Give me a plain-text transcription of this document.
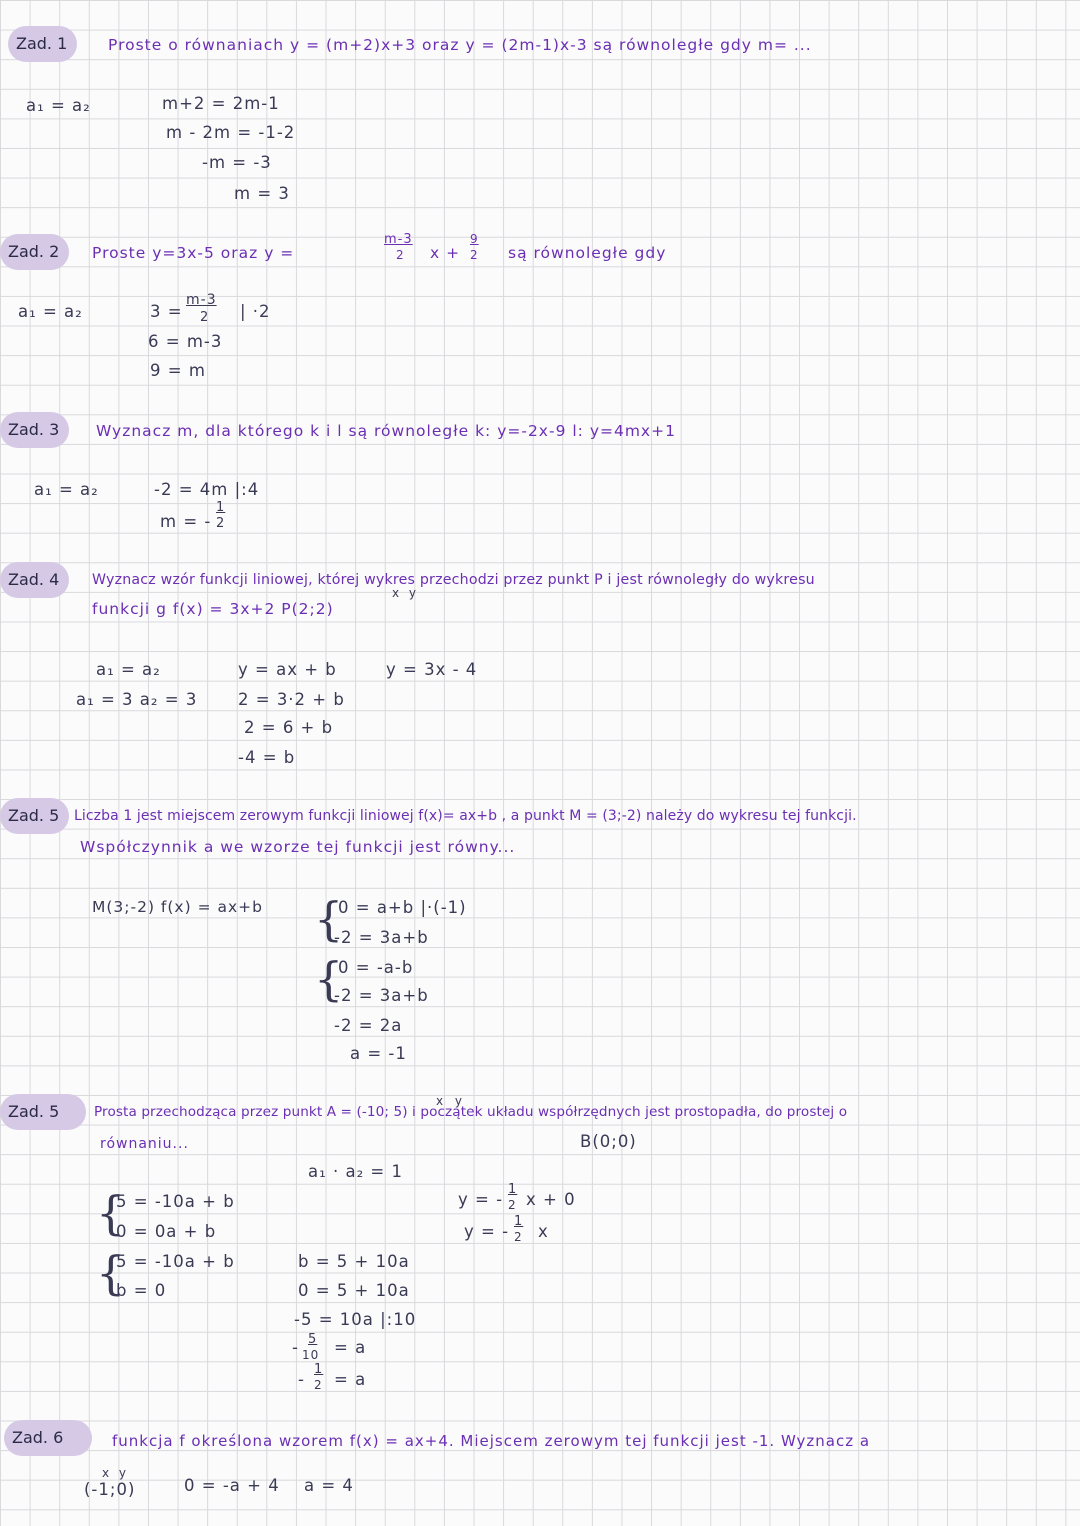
Zad. 1	Proste o równaniach y = (m+2)x+3 oraz y = (2m-1)x-3 są równoległe gdy m= ...
a₁ = a₂	m+2 = 2m-1
m - 2m = -1-2
-m = -3
m = 3
Zad. 2	Proste y=3x-5 oraz y =
m-3
2 x +
9
2 są równoległe gdy
a₁ = a₂	3 =
m-3
2 | ·2
6 = m-3
9 = m
Zad. 3	Wyznacz m, dla którego k i l są równoległe k: y=-2x-9 l: y=4mx+1
a₁ = a₂	-2 = 4m |:4
m = -
1
2
Zad. 4	Wyznacz wzór funkcji liniowej, której wykres przechodzi przez punkt P i jest równoległy do wykresu
funkcji g f(x) = 3x+2 P(2;2)
x y
a₁ = a₂
a₁ = 3 a₂ = 3
y = ax + b
2 = 3·2 + b
2 = 6 + b
-4 = b
y = 3x - 4
Zad. 5	Liczba 1 jest miejscem zerowym funkcji liniowej f(x)= ax+b , a punkt M = (3;-2) należy do wykresu tej funkcji.
Współczynnik a we wzorze tej funkcji jest równy...
M(3;-2) f(x) = ax+b {
0 = a+b |·(-1)
-2 = 3a+b
{
0 = -a-b
-2 = 3a+b
-2 = 2a
a = -1
Zad. 5	Prosta przechodząca przez punkt A = (-10; 5) i początek układu współrzędnych jest prostopadła, do prostej o
równaniu...
x y
B(0;0)
a₁ · a₂ = 1
{
5 = -10a + b
0 = 0a + b
{
5 = -10a + b
b = 0
b = 5 + 10a
0 = 5 + 10a
-5 = 10a |:10
- 5
10 = a
-
1
2 = a
y = -
1
2 x + 0
y = -
1
2 x
Zad. 6	funkcja f określona wzorem f(x) = ax+4. Miejscem zerowym tej funkcji jest -1. Wyznacz a
x y
(-1;0)	0 = -a + 4 a = 4
